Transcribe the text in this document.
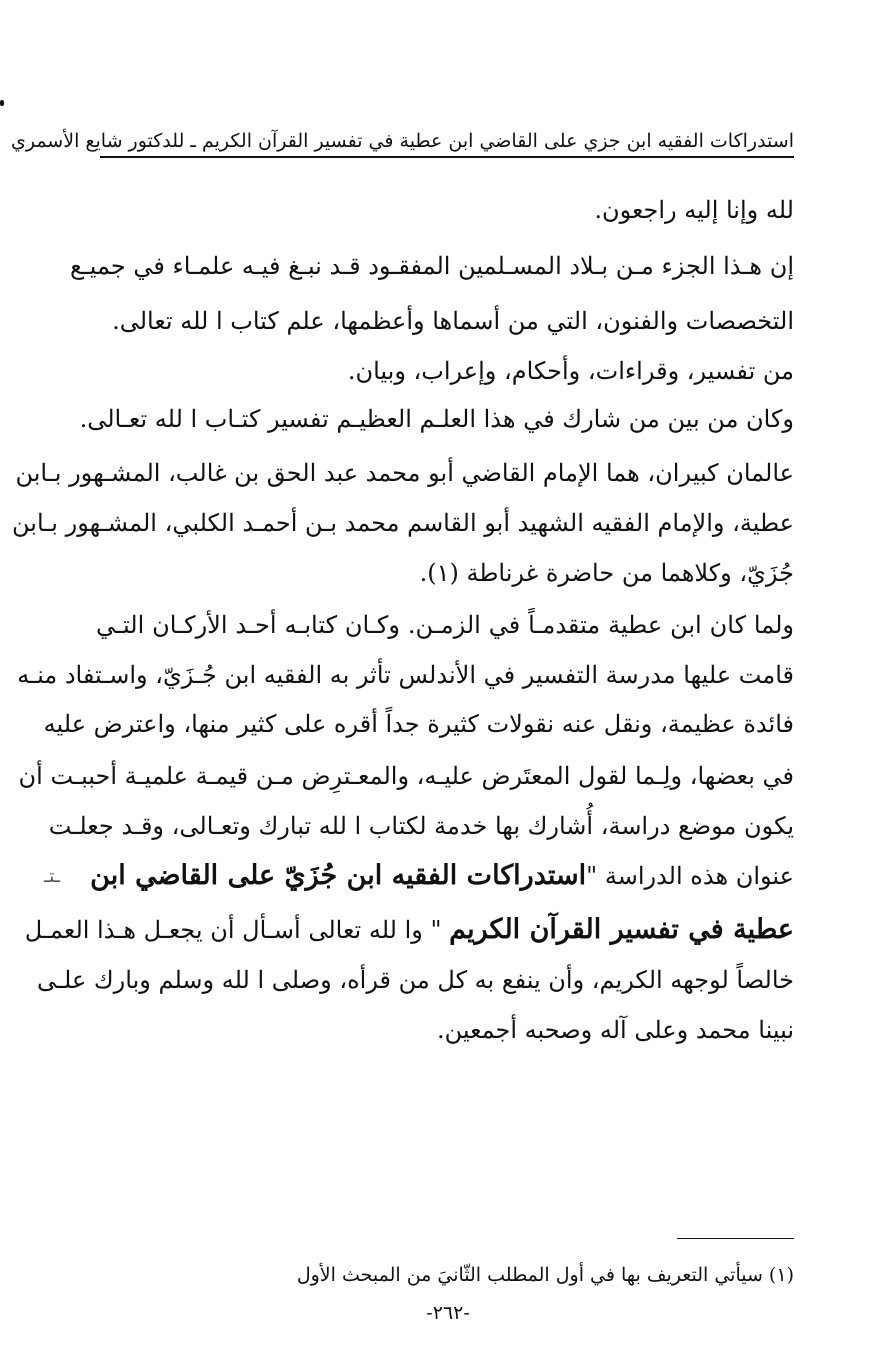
استدراكات الفقيه ابن جزي على القاضي ابن عطية في تفسير القرآن الكريم ـ للدكتور شايع الأسمري
لله وإنا إليه راجعون.
إن هـذا الجزء مـن بـلاد المسـلمين المفقـود قـد نبـغ فيـه علمـاء في جميـع
التخصصات والفنون، التي من أسماها وأعظمها، علم كتاب ا لله تعالى.
من تفسير، وقراءات، وأحكام، وإعراب، وبيان.
وكان من بين من شارك في هذا العلـم العظيـم تفسير كتـاب ا لله تعـالى.
عالمان كبيران، هما الإمام القاضي أبو محمد عبد الحق بن غالب، المشـهور بـابن
عطية، والإمام الفقيه الشهيد أبو القاسم محمد بـن أحمـد الكلبي، المشـهور بـابن
جُزَيّ، وكلاهما من حاضرة غرناطة (١).
ولما كان ابن عطية متقدمـاً في الزمـن. وكـان كتابـه أحـد الأركـان التـي
قامت عليها مدرسة التفسير في الأندلس تأثر به الفقيه ابن جُـزَيّ، واسـتفاد منـه
فائدة عظيمة، ونقل عنه نقولات كثيرة جداً أقره على كثير منها، واعترض عليه
في بعضها، ولِـما لقول المعتَرض عليـه، والمعـترِض مـن قيمـة علميـة أحببـت أن
يكون موضع دراسة، أُشارك بها خدمة لكتاب ا لله تبارك وتعـالى، وقـد جعلـت
عنوان هذه الدراسة "استدراكات الفقيه ابن جُزَيّ على القاضي ابن
ـتـ
عطية في تفسير القرآن الكريم " وا لله تعالى أسـأل أن يجعـل هـذا العمـل
خالصاً لوجهه الكريم، وأن ينفع به كل من قرأه، وصلى ا لله وسلم وبارك علـى
نبينا محمد وعلى آله وصحبه أجمعين.
(١) سيأتي التعريف بها في أول المطلب الثّانيَ من المبحث الأول
-٢٦٢-
